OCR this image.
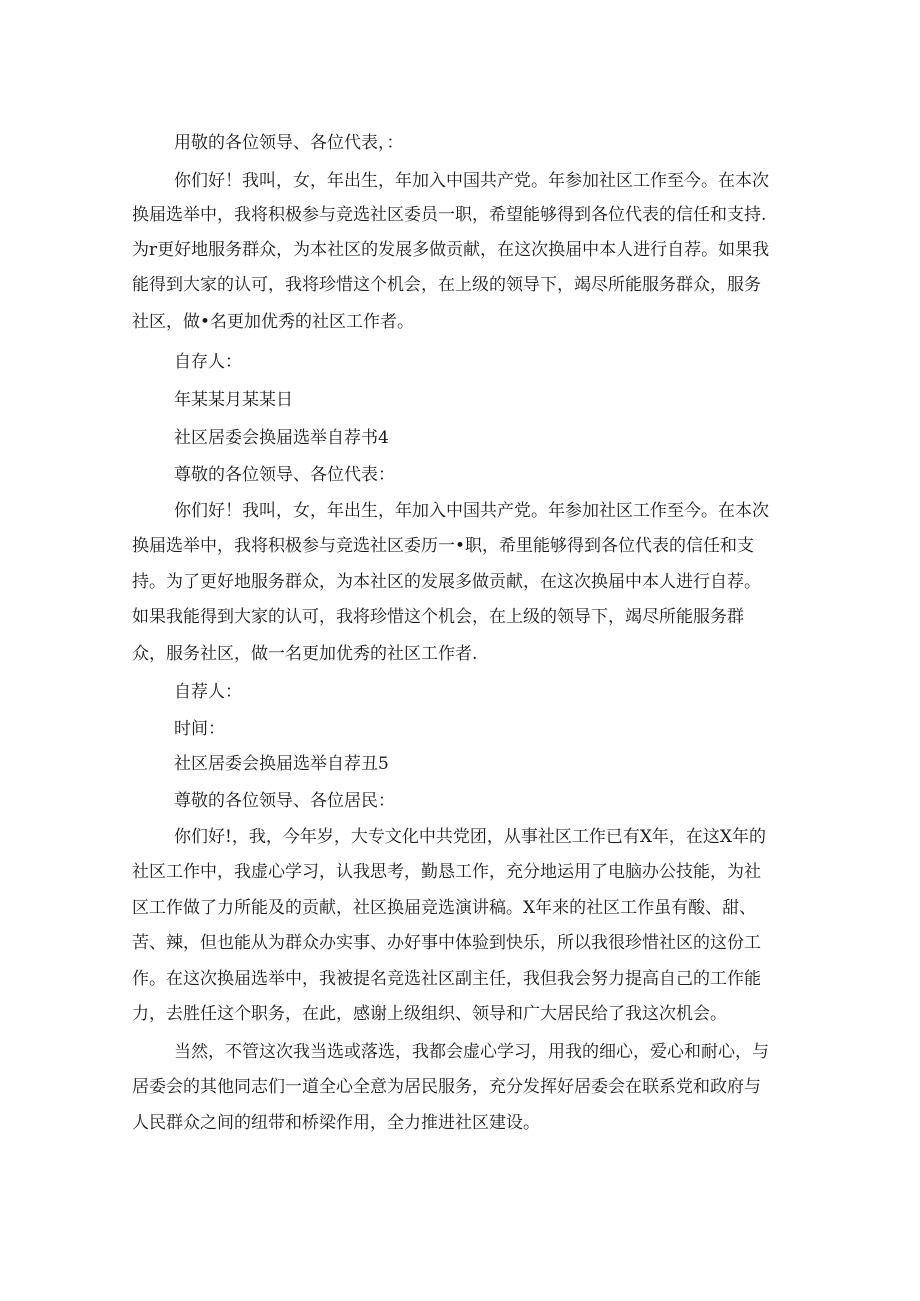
用敬的各位领导、各位代表，：
你们好！我叫，女，年出生，年加入中国共产党。年参加社区工作至今。在本次
换届选举中，我将积极参与竞选社区委员一职，希望能够得到各位代表的信任和支持.
为r更好地服务群众，为本社区的发展多做贡献，在这次换届中本人进行自荐。如果我
能得到大家的认可，我将珍惜这个机会，在上级的领导下，竭尽所能服务群众，服务
社区，做•名更加优秀的社区工作者。
自存人：
年某某月某某日
社区居委会换届选举自荐书4
尊敬的各位领导、各位代表：
你们好！我叫，女，年出生，年加入中国共产党。年参加社区工作至今。在本次
换届选举中，我将积极参与竞选社区委历一•职，希里能够得到各位代表的信任和支
持。为了更好地服务群众，为本社区的发展多做贡献，在这次换届中本人进行自荐。
如果我能得到大家的认可，我将珍惜这个机会，在上级的领导下，竭尽所能服务群
众，服务社区，做一名更加优秀的社区工作者.
自荐人：
时间：
社区居委会换届选举自荐丑5
尊敬的各位领导、各位居民：
你们好!，我，今年岁，大专文化中共党团，从事社区工作已有X年，在这X年的
社区工作中，我虚心学习，认我思考，勤恳工作，充分地运用了电脑办公技能，为社
区工作做了力所能及的贡献，社区换届竞选演讲稿。X年来的社区工作虽有酸、甜、
苦、辣，但也能从为群众办实事、办好事中体验到快乐，所以我很珍惜社区的这份工
作。在这次换届选举中，我被提名竞选社区副主任，我但我会努力提高自己的工作能
力，去胜任这个职务，在此，感谢上级组织、领导和广大居民给了我这次机会。
当然，不管这次我当选或落选，我都会虚心学习，用我的细心，爱心和耐心，与
居委会的其他同志们一道全心全意为居民服务，充分发挥好居委会在联系党和政府与
人民群众之间的纽带和桥梁作用，全力推进社区建设。
